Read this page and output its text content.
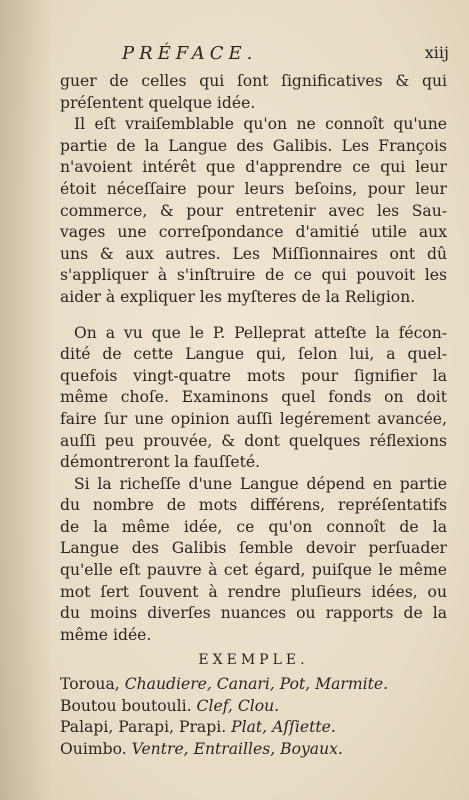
PRÉFACE.	xiij
guer de celles qui ſont ſignificatives & qui
préſentent quelque idée.
Il eſt vraiſemblable qu'on ne connoît qu'une
partie de la Langue des Galibis. Les François
n'avoient intérêt que d'apprendre ce qui leur
étoit néceſſaire pour leurs beſoins, pour leur
commerce, & pour entretenir avec les Sau-
vages une correſpondance d'amitié utile aux
uns & aux autres. Les Miſſionnaires ont dû
s'appliquer à s'inſtruire de ce qui pouvoit les
aider à expliquer les myſteres de la Religion.
On a vu que le P. Pelleprat atteſte la fécon-
dité de cette Langue qui, ſelon lui, a quel-
quefois vingt-quatre mots pour ſignifier la
même choſe. Examinons quel fonds on doit
faire ſur une opinion auſſi legérement avancée,
auſſi peu prouvée, & dont quelques réflexions
démontreront la fauſſeté.
Si la richeſſe d'une Langue dépend en partie
du nombre de mots différens, repréſentatifs
de la même idée, ce qu'on connoît de la
Langue des Galibis ſemble devoir perſuader
qu'elle eſt pauvre à cet égard, puiſque le même
mot ſert ſouvent à rendre pluſieurs idées, ou
du moins diverſes nuances ou rapports de la
même idée.
EXEMPLE.
Toroua, Chaudiere, Canari, Pot, Marmite.
Boutou boutouli. Clef, Clou.
Palapi, Parapi, Prapi. Plat, Aſſiette.
Ouimbo. Ventre, Entrailles, Boyaux.
